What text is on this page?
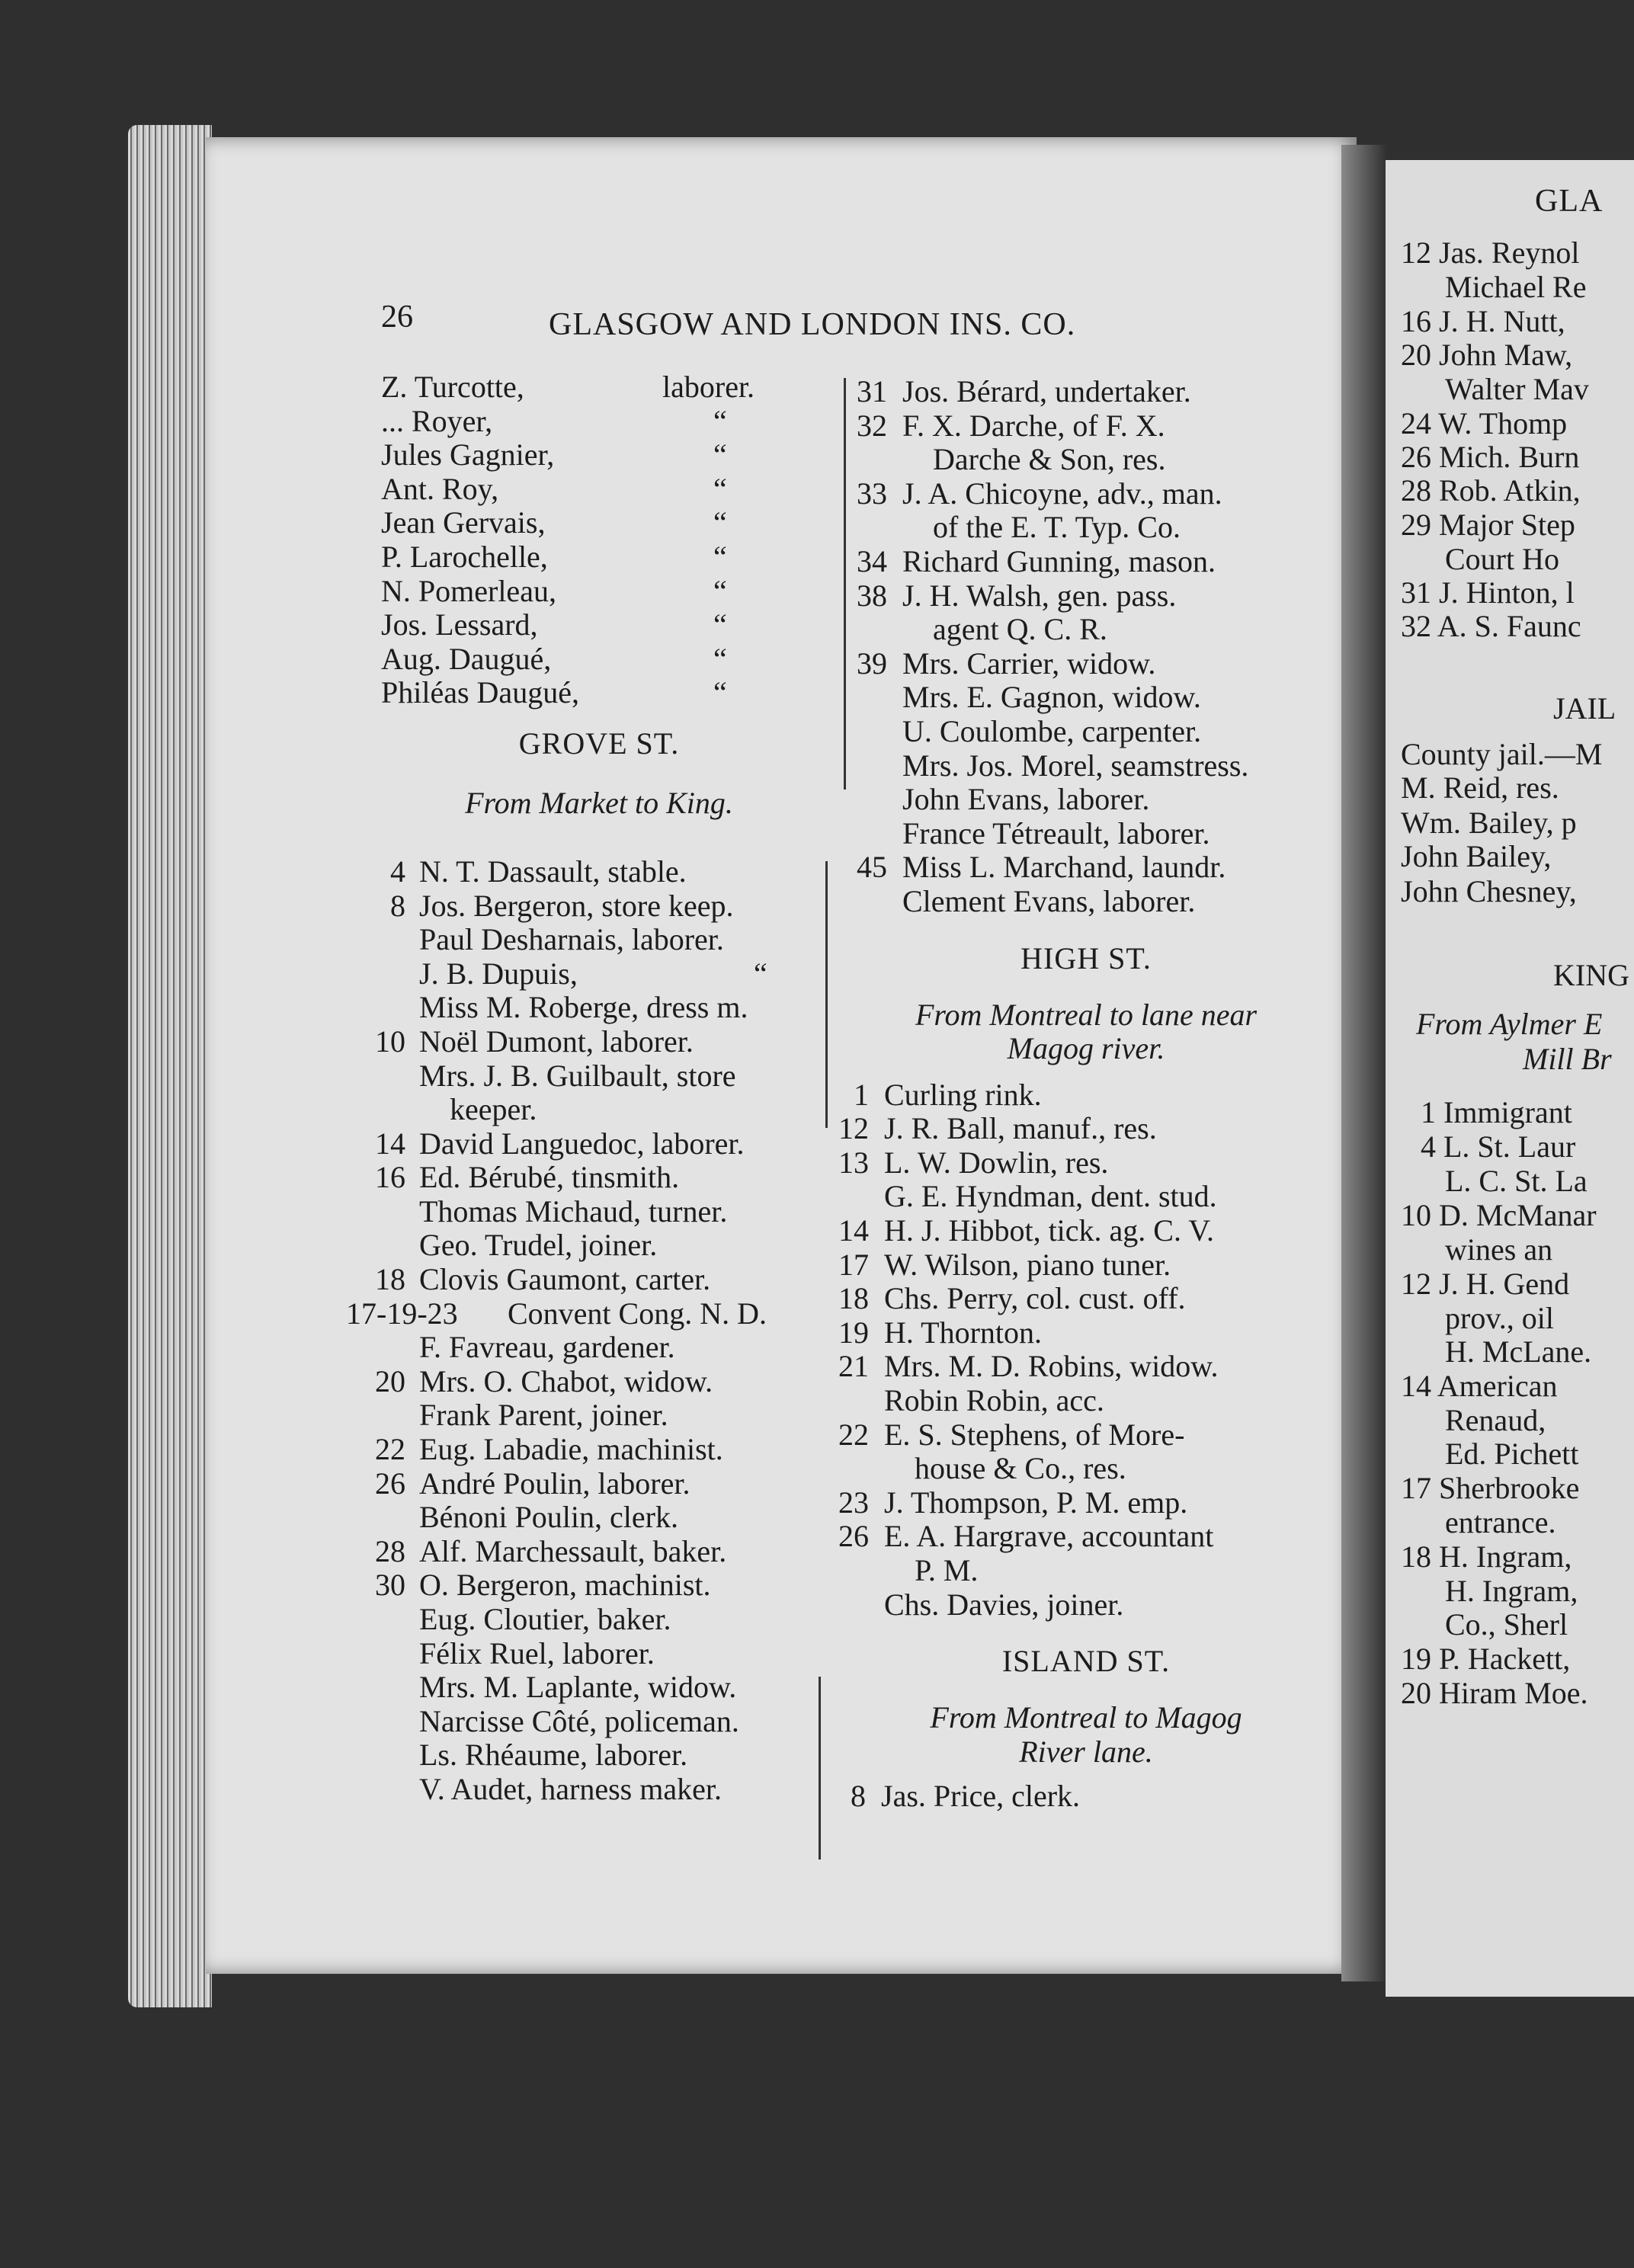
GLA
12 Jas. Reynol
Michael Re
16 J. H. Nutt,
20 John Maw,
Walter Mav
24 W. Thomp
26 Mich. Burn
28 Rob. Atkin,
29 Major Step
Court Ho
31 J. Hinton, l
32 A. S. Faunc
JAIL
County jail.—M
M. Reid, res.
Wm. Bailey, p
John Bailey,
John Chesney,
KING
From Aylmer E
Mill Br
1 Immigrant
4 L. St. Laur
L. C. St. La
10 D. McManar
wines an
12 J. H. Gend
prov., oil
H. McLane.
14 American
Renaud,
Ed. Pichett
17 Sherbrooke
entrance.
18 H. Ingram,
H. Ingram,
Co., Sherl
19 P. Hackett,
20 Hiram Moe.
26	GLASGOW AND LONDON INS. CO.
Z. Turcotte,	laborer.
... Royer,	“
Jules Gagnier,	“
Ant. Roy,	“
Jean Gervais,	“
P. Larochelle,	“
N. Pomerleau,	“
Jos. Lessard,	“
Aug. Daugué,	“
Philéas Daugué,	“
GROVE ST.
From Market to King.
4 N. T. Dassault, stable.
8 Jos. Bergeron, store keep.
Paul Desharnais, laborer.
J. B. Dupuis,	“
Miss M. Roberge, dress m.
10 Noël Dumont, laborer.
Mrs. J. B. Guilbault, store
keeper.
14 David Languedoc, laborer.
16 Ed. Bérubé, tinsmith.
Thomas Michaud, turner.
Geo. Trudel, joiner.
18 Clovis Gaumont, carter.
17-19-23 Convent Cong. N. D.
F. Favreau, gardener.
20 Mrs. O. Chabot, widow.
Frank Parent, joiner.
22 Eug. Labadie, machinist.
26 André Poulin, laborer.
Bénoni Poulin, clerk.
28 Alf. Marchessault, baker.
30 O. Bergeron, machinist.
Eug. Cloutier, baker.
Félix Ruel, laborer.
Mrs. M. Laplante, widow.
Narcisse Côté, policeman.
Ls. Rhéaume, laborer.
V. Audet, harness maker.
31 Jos. Bérard, undertaker.
32 F. X. Darche, of F. X.
Darche & Son, res.
33 J. A. Chicoyne, adv., man.
of the E. T. Typ. Co.
34 Richard Gunning, mason.
38 J. H. Walsh, gen. pass.
agent Q. C. R.
39 Mrs. Carrier, widow.
Mrs. E. Gagnon, widow.
U. Coulombe, carpenter.
Mrs. Jos. Morel, seamstress.
John Evans, laborer.
France Tétreault, laborer.
45 Miss L. Marchand, laundr.
Clement Evans, laborer.
HIGH ST.
From Montreal to lane near
Magog river.
1 Curling rink.
12 J. R. Ball, manuf., res.
13 L. W. Dowlin, res.
G. E. Hyndman, dent. stud.
14 H. J. Hibbot, tick. ag. C. V.
17 W. Wilson, piano tuner.
18 Chs. Perry, col. cust. off.
19 H. Thornton.
21 Mrs. M. D. Robins, widow.
Robin Robin, acc.
22 E. S. Stephens, of More-
house & Co., res.
23 J. Thompson, P. M. emp.
26 E. A. Hargrave, accountant
P. M.
Chs. Davies, joiner.
ISLAND ST.
From Montreal to Magog
River lane.
8 Jas. Price, clerk.
